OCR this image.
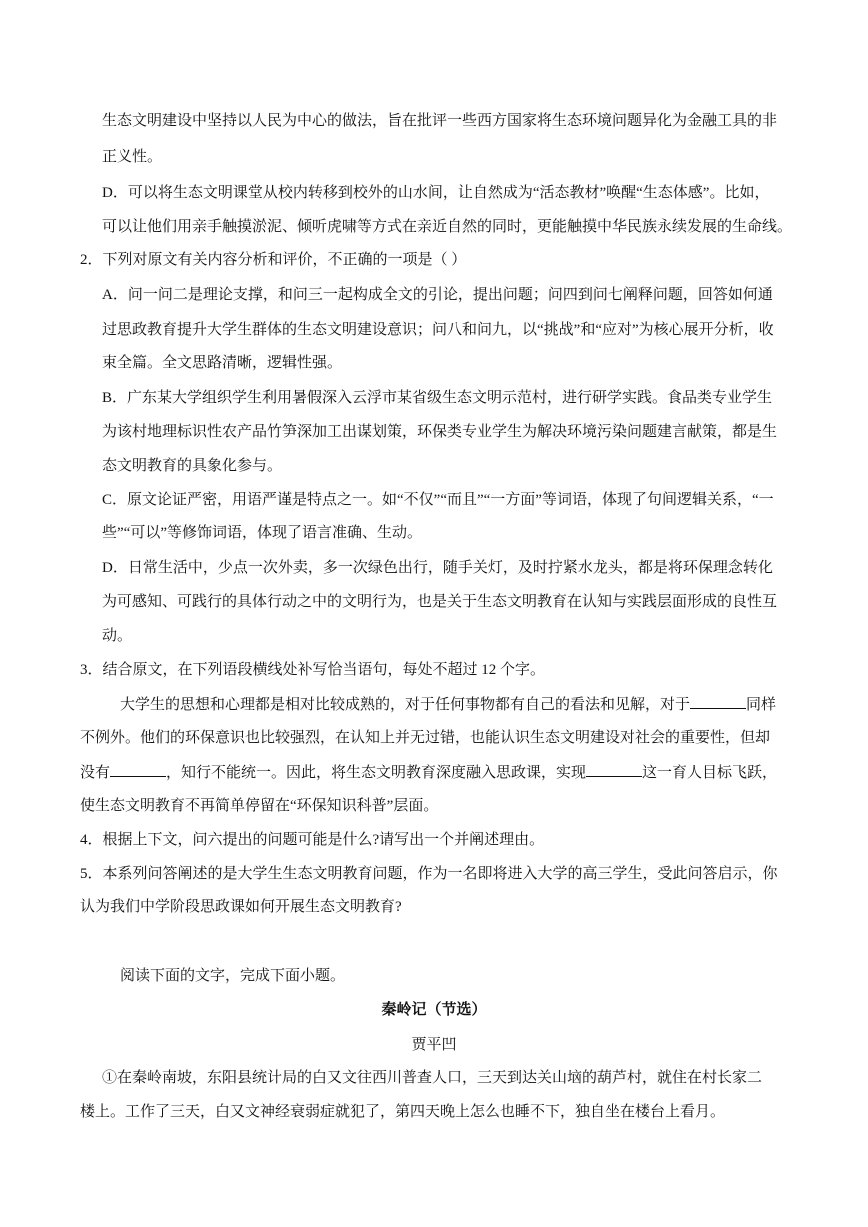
生态文明建设中坚持以人民为中心的做法，旨在批评一些西方国家将生态环境问题异化为金融工具的非
正义性。
D．可以将生态文明课堂从校内转移到校外的山水间，让自然成为“活态教材”唤醒“生态体感”。比如，
可以让他们用亲手触摸淤泥、倾听虎啸等方式在亲近自然的同时，更能触摸中华民族永续发展的生命线。
2．下列对原文有关内容分析和评价，不正确的一项是（ ）
A．问一问二是理论支撑，和问三一起构成全文的引论，提出问题；问四到问七阐释问题，回答如何通
过思政教育提升大学生群体的生态文明建设意识；问八和问九，以“挑战”和“应对”为核心展开分析，收
束全篇。全文思路清晰，逻辑性强。
B．广东某大学组织学生利用暑假深入云浮市某省级生态文明示范村，进行研学实践。食品类专业学生
为该村地理标识性农产品竹笋深加工出谋划策，环保类专业学生为解决环境污染问题建言献策，都是生
态文明教育的具象化参与。
C．原文论证严密，用语严谨是特点之一。如“不仅”“而且”“一方面”等词语，体现了句间逻辑关系，“一
些”“可以”等修饰词语，体现了语言准确、生动。
D．日常生活中，少点一次外卖，多一次绿色出行，随手关灯，及时拧紧水龙头，都是将环保理念转化
为可感知、可践行的具体行动之中的文明行为，也是关于生态文明教育在认知与实践层面形成的良性互
动。
3．结合原文，在下列语段横线处补写恰当语句，每处不超过 12 个字。
大学生的思想和心理都是相对比较成熟的，对于任何事物都有自己的看法和见解，对于	同样
不例外。他们的环保意识也比较强烈，在认知上并无过错，也能认识生态文明建设对社会的重要性，但却
没有	，知行不能统一。因此，将生态文明教育深度融入思政课，实现	这一育人目标飞跃，
使生态文明教育不再简单停留在“环保知识科普”层面。
4．根据上下文，问六提出的问题可能是什么?请写出一个并阐述理由。
5．本系列问答阐述的是大学生生态文明教育问题，作为一名即将进入大学的高三学生，受此问答启示，你
认为我们中学阶段思政课如何开展生态文明教育?
阅读下面的文字，完成下面小题。
秦岭记（节选）
贾平凹
①在秦岭南坡，东阳县统计局的白又文往西川普查人口，三天到达关山垴的葫芦村，就住在村长家二
楼上。工作了三天，白又文神经衰弱症就犯了，第四天晚上怎么也睡不下，独自坐在楼台上看月。
